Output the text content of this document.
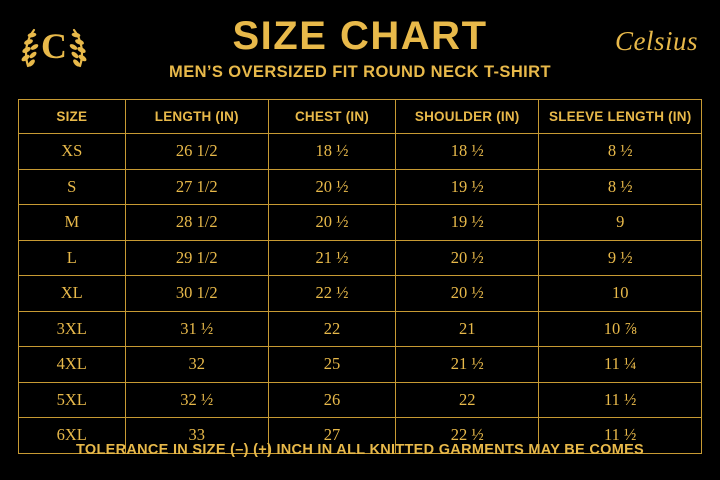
C	SIZE CHART
MEN’S OVERSIZED FIT ROUND NECK T-SHIRT
Celsius
SIZE	LENGTH (IN)	CHEST (IN)	SHOULDER (IN)	SLEEVE LENGTH (IN)
XS	26 1/2	18 ½	18 ½	8 ½
S	27 1/2	20 ½	19 ½	8 ½
M	28 1/2	20 ½	19 ½	9
L	29 1/2	21 ½	20 ½	9 ½
XL	30 1/2	22 ½	20 ½	10
3XL	31 ½	22	21	10 ⅞
4XL	32	25	21 ½	11 ¼
5XL	32 ½	26	22	11 ½
6XL	33	27	22 ½	11 ½
TOLERANCE IN SIZE (–) (+) INCH IN ALL KNITTED GARMENTS MAY BE COMES
